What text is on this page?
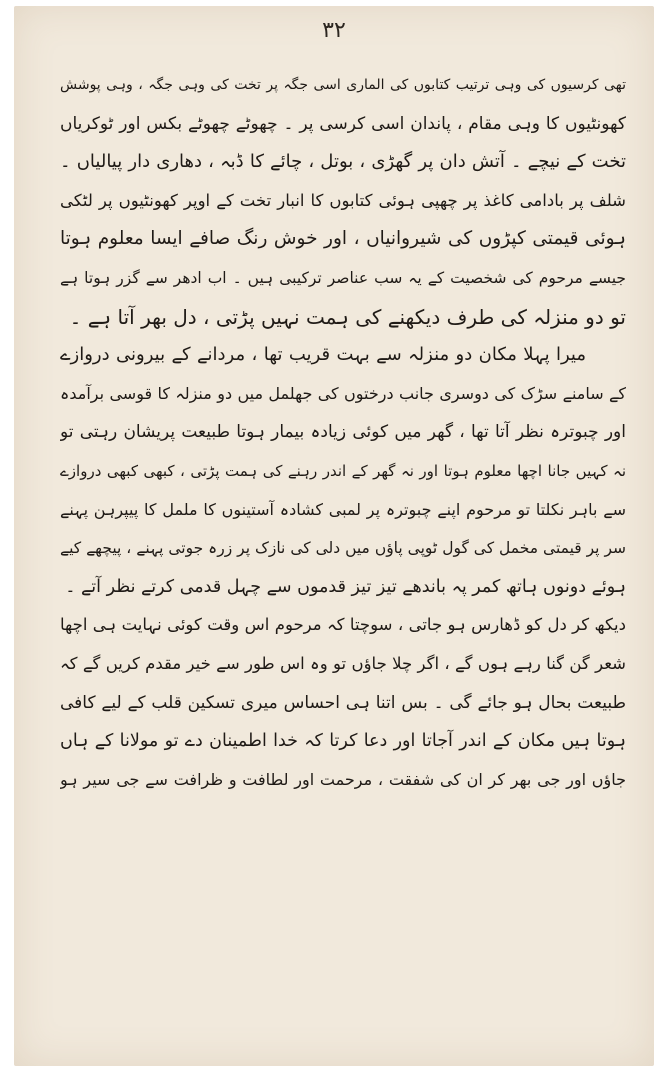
۳۲
تھی کرسیوں کی وہی ترتیب کتابوں کی الماری اسی جگہ پر تخت کی وہی جگہ ، وہی پوشش
کھونٹیوں کا وہی مقام ، پاندان اسی کرسی پر ۔ چھوٹے چھوٹے بکس اور ٹوکریاں
تخت کے نیچے ۔ آتش دان پر گھڑی ، بوتل ، چائے کا ڈبہ ، دھاری دار پیالیاں ۔
شلف پر بادامی کاغذ پر چھپی ہوئی کتابوں کا انبار تخت کے اوپر کھونٹیوں پر لٹکی
ہوئی قیمتی کپڑوں کی شیروانیاں ، اور خوش رنگ صافے ایسا معلوم ہوتا
جیسے مرحوم کی شخصیت کے یہ سب عناصر ترکیبی ہیں ۔ اب ادھر سے گزر ہوتا ہے
تو دو منزلہ کی طرف دیکھنے کی ہمت نہیں پڑتی ، دل بھر آتا ہے ۔
میرا پہلا مکان دو منزلہ سے بہت قریب تھا ، مردانے کے بیرونی دروازے
کے سامنے سڑک کی دوسری جانب درختوں کی جھلمل میں دو منزلہ کا قوسی برآمدہ
اور چبوترہ نظر آتا تھا ، گھر میں کوئی زیادہ بیمار ہوتا طبیعت پریشان رہتی تو
نہ کہیں جانا اچھا معلوم ہوتا اور نہ گھر کے اندر رہنے کی ہمت پڑتی ، کبھی کبھی دروازے
سے باہر نکلتا تو مرحوم اپنے چبوترہ پر لمبی کشادہ آستینوں کا ململ کا پیپرہن پہنے
سر پر قیمتی مخمل کی گول ٹوپی پاؤں میں دلی کی نازک پر زرہ جوتی پہنے ، پیچھے کیے
ہوئے دونوں ہاتھ کمر پہ باندھے تیز تیز قدموں سے چہل قدمی کرتے نظر آتے ۔
دیکھ کر دل کو ڈھارس ہو جاتی ، سوچتا کہ مرحوم اس وقت کوئی نہایت ہی اچھا
شعر گن گنا رہے ہوں گے ، اگر چلا جاؤں تو وہ اس طور سے خیر مقدم کریں گے کہ
طبیعت بحال ہو جائے گی ۔ بس اتنا ہی احساس میری تسکین قلب کے لیے کافی
ہوتا ہیں مکان کے اندر آجاتا اور دعا کرتا کہ خدا اطمینان دے تو مولانا کے ہاں
جاؤں اور جی بھر کر ان کی شفقت ، مرحمت اور لطافت و ظرافت سے جی سیر ہو
